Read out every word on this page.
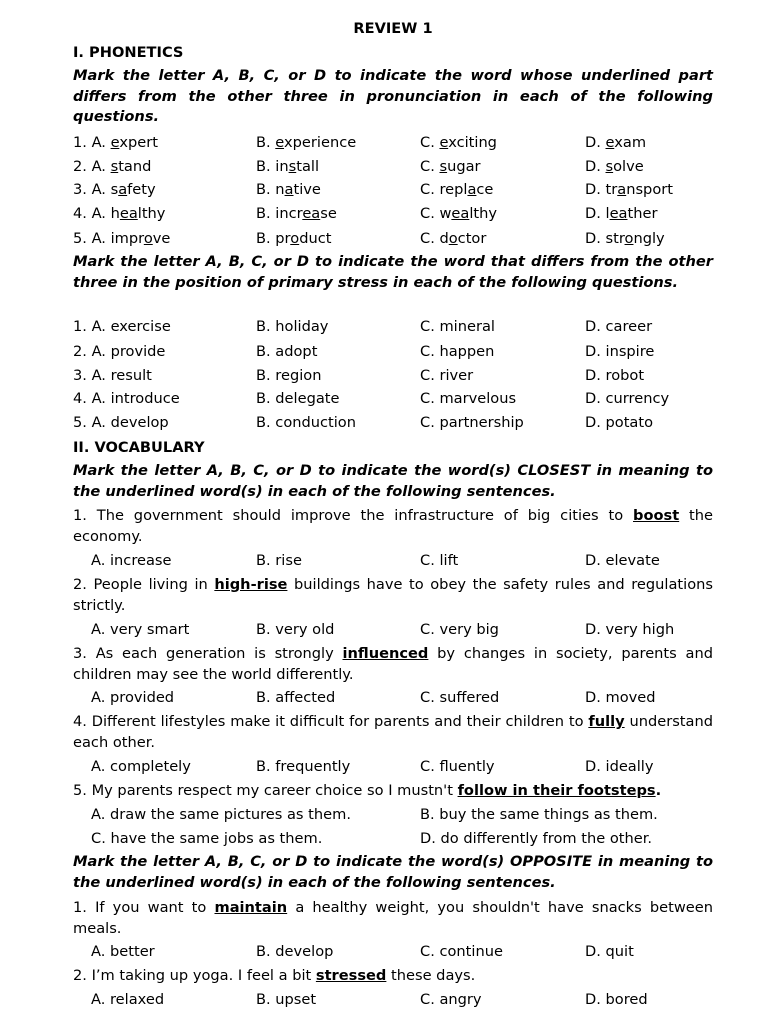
REVIEW 1
I. PHONETICS
Mark the letter A, B, C, or D to indicate the word whose underlined part differs from the other three in pronunciation in each of the following questions.
1. A. expert	B. experience	C. exciting	D. exam
2. A. stand	B. install	C. sugar	D. solve
3. A. safety	B. native	C. replace	D. transport
4. A. healthy	B. increase	C. wealthy	D. leather
5. A. improve	B. product	C. doctor	D. strongly
Mark the letter A, B, C, or D to indicate the word that differs from the other three in the position of primary stress in each of the following questions.
1. A. exercise	B. holiday	C. mineral	D. career
2. A. provide	B. adopt	C. happen	D. inspire
3. A. result	B. region	C. river	D. robot
4. A. introduce	B. delegate	C. marvelous	D. currency
5. A. develop	B. conduction	C. partnership	D. potato
II. VOCABULARY
Mark the letter A, B, C, or D to indicate the word(s) CLOSEST in meaning to the underlined word(s) in each of the following sentences.
1. The government should improve the infrastructure of big cities to boost the economy.
A. increase	B. rise	C. lift	D. elevate
2. People living in high-rise buildings have to obey the safety rules and regulations strictly.
A. very smart	B. very old	C. very big	D. very high
3. As each generation is strongly influenced by changes in society, parents and children may see the world differently.
A. provided	B. affected	C. suffered	D. moved
4. Different lifestyles make it difficult for parents and their children to fully understand each other.
A. completely	B. frequently	C. fluently	D. ideally
5. My parents respect my career choice so I mustn't follow in their footsteps.
A. draw the same pictures as them.	B. buy the same things as them.
C. have the same jobs as them.	D. do differently from the other.
Mark the letter A, B, C, or D to indicate the word(s) OPPOSITE in meaning to the underlined word(s) in each of the following sentences.
1. If you want to maintain a healthy weight, you shouldn't have snacks between meals.
A. better	B. develop	C. continue	D. quit
2. I’m taking up yoga. I feel a bit stressed these days.
A. relaxed	B. upset	C. angry	D. bored
